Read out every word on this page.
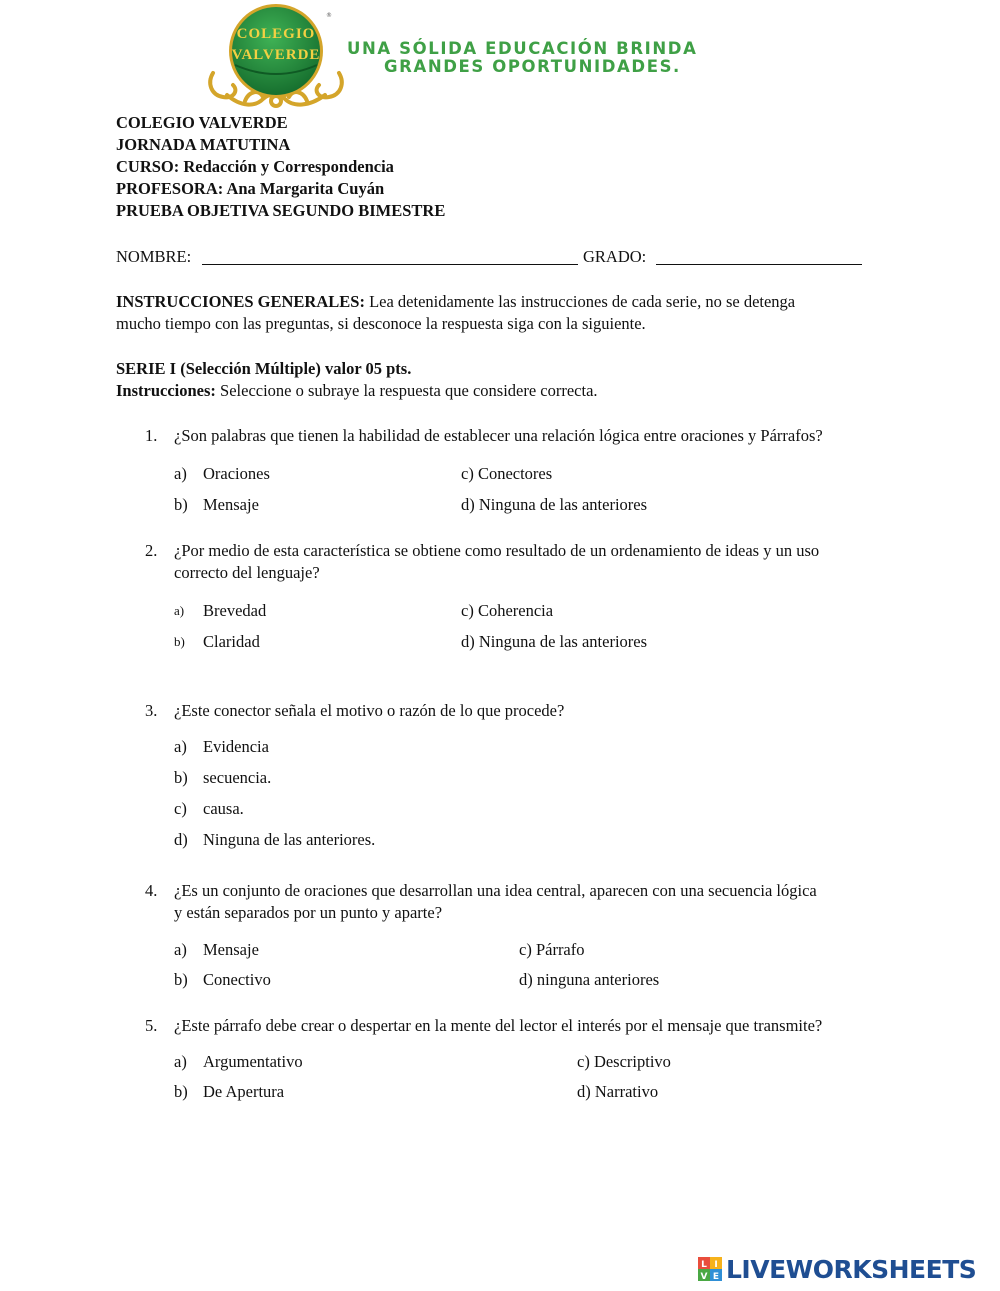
COLEGIO
VALVERDE
®
UNA SÓLIDA EDUCACIÓN BRINDA
GRANDES OPORTUNIDADES.
COLEGIO VALVERDE
JORNADA MATUTINA
CURSO: Redacción y Correspondencia
PROFESORA: Ana Margarita Cuyán
PRUEBA OBJETIVA SEGUNDO BIMESTRE
NOMBRE:	GRADO:
INSTRUCCIONES GENERALES: Lea detenidamente las instrucciones de cada serie, no se detenga
mucho tiempo con las preguntas, si desconoce la respuesta siga con la siguiente.
SERIE I (Selección Múltiple) valor 05 pts.
Instrucciones: Seleccione o subraye la respuesta que considere correcta.
1. ¿Son palabras que tienen la habilidad de establecer una relación lógica entre oraciones y Párrafos?
a) Oraciones	c) Conectores
b) Mensaje	d) Ninguna de las anteriores
2. ¿Por medio de esta característica se obtiene como resultado de un ordenamiento de ideas y un uso
correcto del lenguaje?
a) Brevedad	c) Coherencia
b) Claridad	d) Ninguna de las anteriores
3. ¿Este conector señala el motivo o razón de lo que procede?
a) Evidencia
b) secuencia.
c) causa.
d) Ninguna de las anteriores.
4. ¿Es un conjunto de oraciones que desarrollan una idea central, aparecen con una secuencia lógica
y están separados por un punto y aparte?
a) Mensaje	c) Párrafo
b) Conectivo	d) ninguna anteriores
5. ¿Este párrafo debe crear o despertar en la mente del lector el interés por el mensaje que transmite?
a) Argumentativo	c) Descriptivo
b) De Apertura	d) Narrativo
L I
V E LIVEWORKSHEETS
